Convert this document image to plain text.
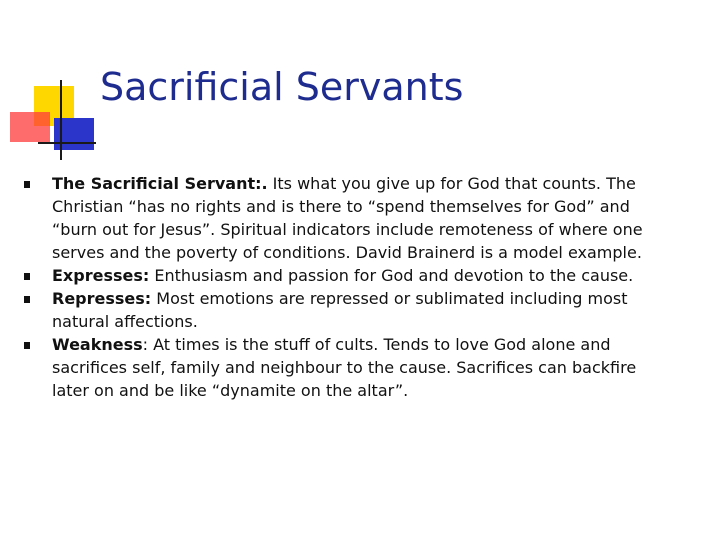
Sacrificial Servants
The Sacrificial Servant:. Its what you give up for God that counts. The Christian “has no rights and is there to “spend themselves for God” and “burn out for Jesus”. Spiritual indicators include remoteness of where one serves and the poverty of conditions. David Brainerd is a model example.
Expresses: Enthusiasm and passion for God and devotion to the cause.
Represses: Most emotions are repressed or sublimated including most natural affections.
Weakness: At times is the stuff of cults. Tends to love God alone and sacrifices self, family and neighbour to the cause. Sacrifices can backfire later on and be like “dynamite on the altar”.
